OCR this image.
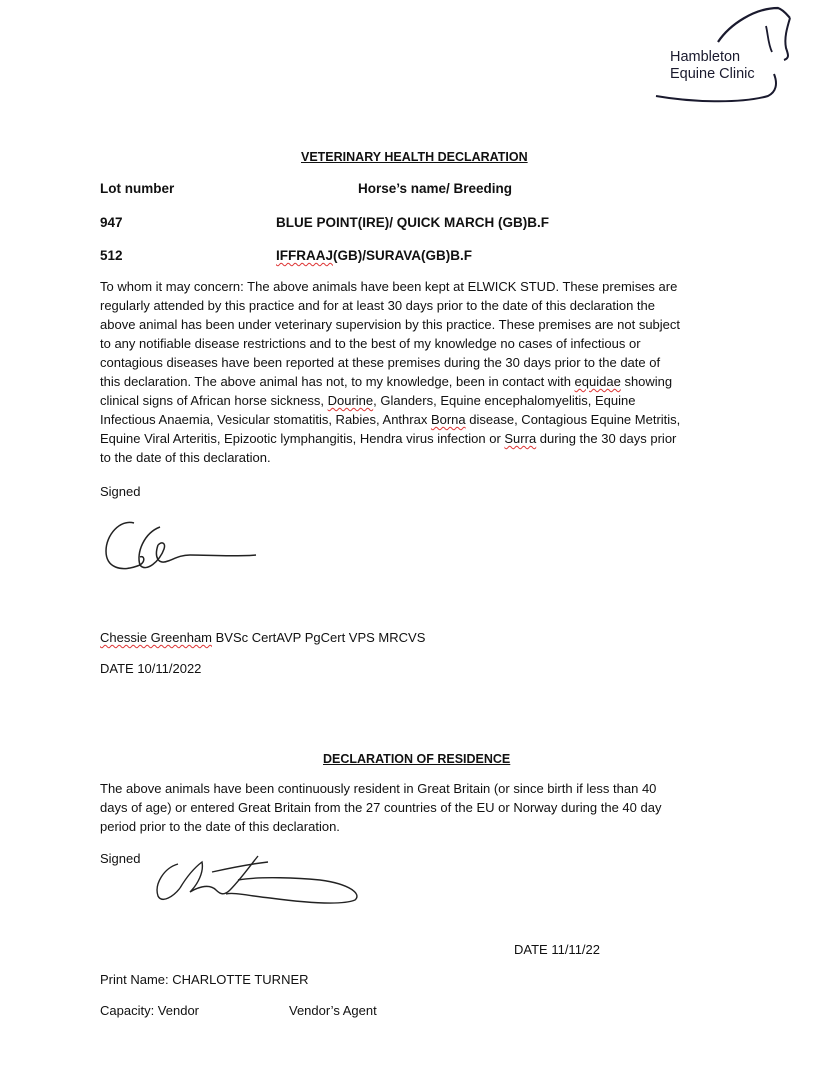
Hambleton
Equine Clinic
VETERINARY HEALTH DECLARATION
Lot number	Horse’s name/ Breeding
947	BLUE POINT(IRE)/ QUICK MARCH (GB)B.F
512	IFFRAAJ(GB)/SURAVA(GB)B.F
To whom it may concern: The above animals have been kept at ELWICK STUD. These premises are
regularly attended by this practice and for at least 30 days prior to the date of this declaration the
above animal has been under veterinary supervision by this practice. These premises are not subject
to any notifiable disease restrictions and to the best of my knowledge no cases of infectious or
contagious diseases have been reported at these premises during the 30 days prior to the date of
this declaration. The above animal has not, to my knowledge, been in contact with equidae showing
clinical signs of African horse sickness, Dourine, Glanders, Equine encephalomyelitis, Equine
Infectious Anaemia, Vesicular stomatitis, Rabies, Anthrax Borna disease, Contagious Equine Metritis,
Equine Viral Arteritis, Epizootic lymphangitis, Hendra virus infection or Surra during the 30 days prior
to the date of this declaration.
Signed
Chessie Greenham BVSc CertAVP PgCert VPS MRCVS
DATE 10/11/2022
DECLARATION OF RESIDENCE
The above animals have been continuously resident in Great Britain (or since birth if less than 40
days of age) or entered Great Britain from the 27 countries of the EU or Norway during the 40 day
period prior to the date of this declaration.
Signed
DATE 11/11/22
Print Name: CHARLOTTE TURNER
Capacity: Vendor	Vendor’s Agent
